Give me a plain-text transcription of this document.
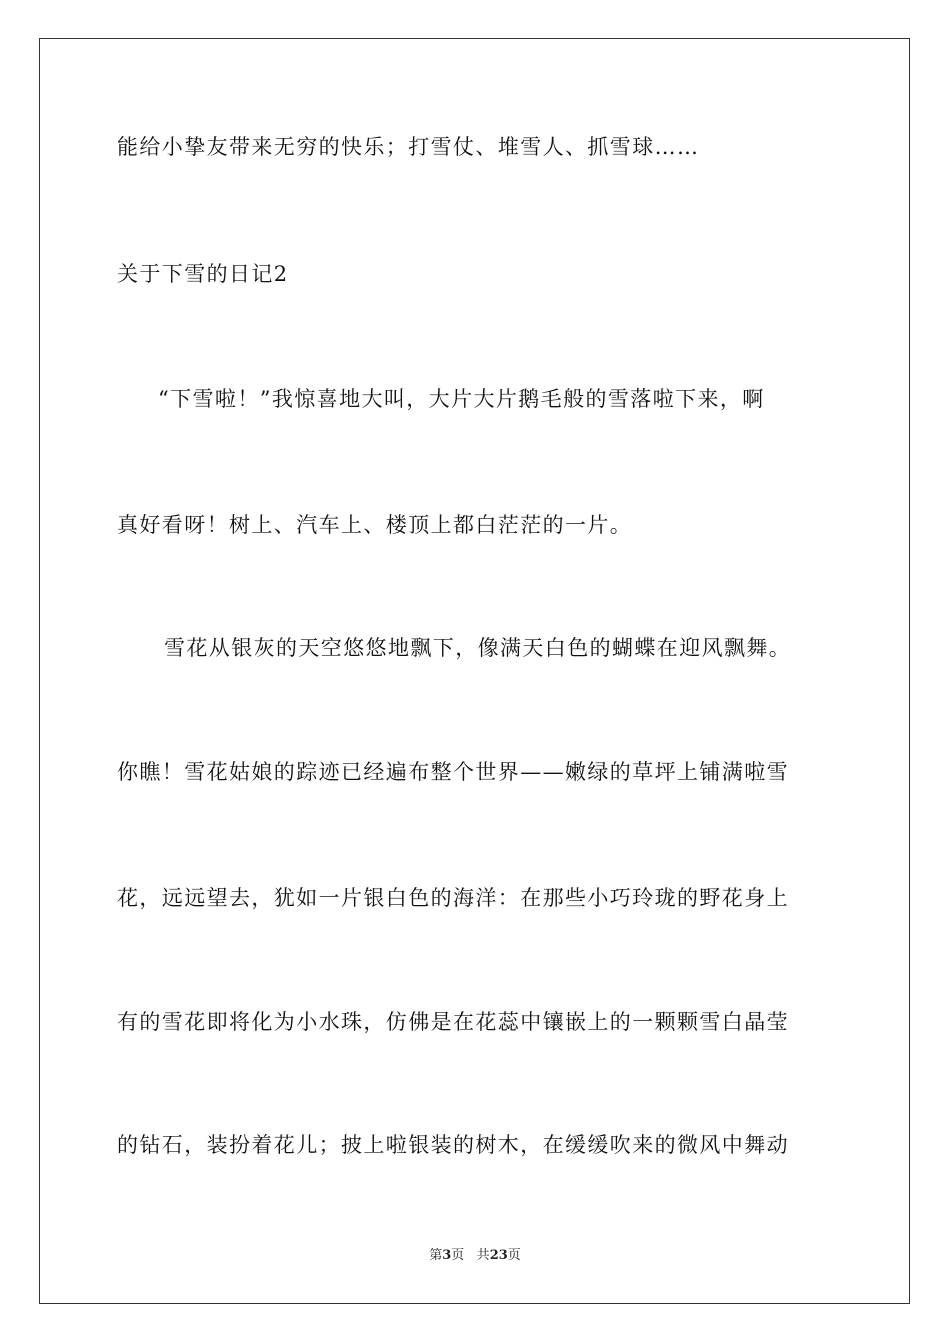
能给小挚友带来无穷的快乐；打雪仗、堆雪人、抓雪球……
关于下雪的日记2
“下雪啦！”我惊喜地大叫，大片大片鹅毛般的雪落啦下来，啊
真好看呀！树上、汽车上、楼顶上都白茫茫的一片。
雪花从银灰的天空悠悠地飘下，像满天白色的蝴蝶在迎风飘舞。
你瞧！雪花姑娘的踪迹已经遍布整个世界——嫩绿的草坪上铺满啦雪
花，远远望去，犹如一片银白色的海洋：在那些小巧玲珑的野花身上
有的雪花即将化为小水珠，仿佛是在花蕊中镶嵌上的一颗颗雪白晶莹
的钻石，装扮着花儿；披上啦银装的树木，在缓缓吹来的微风中舞动
第3页 共23页
